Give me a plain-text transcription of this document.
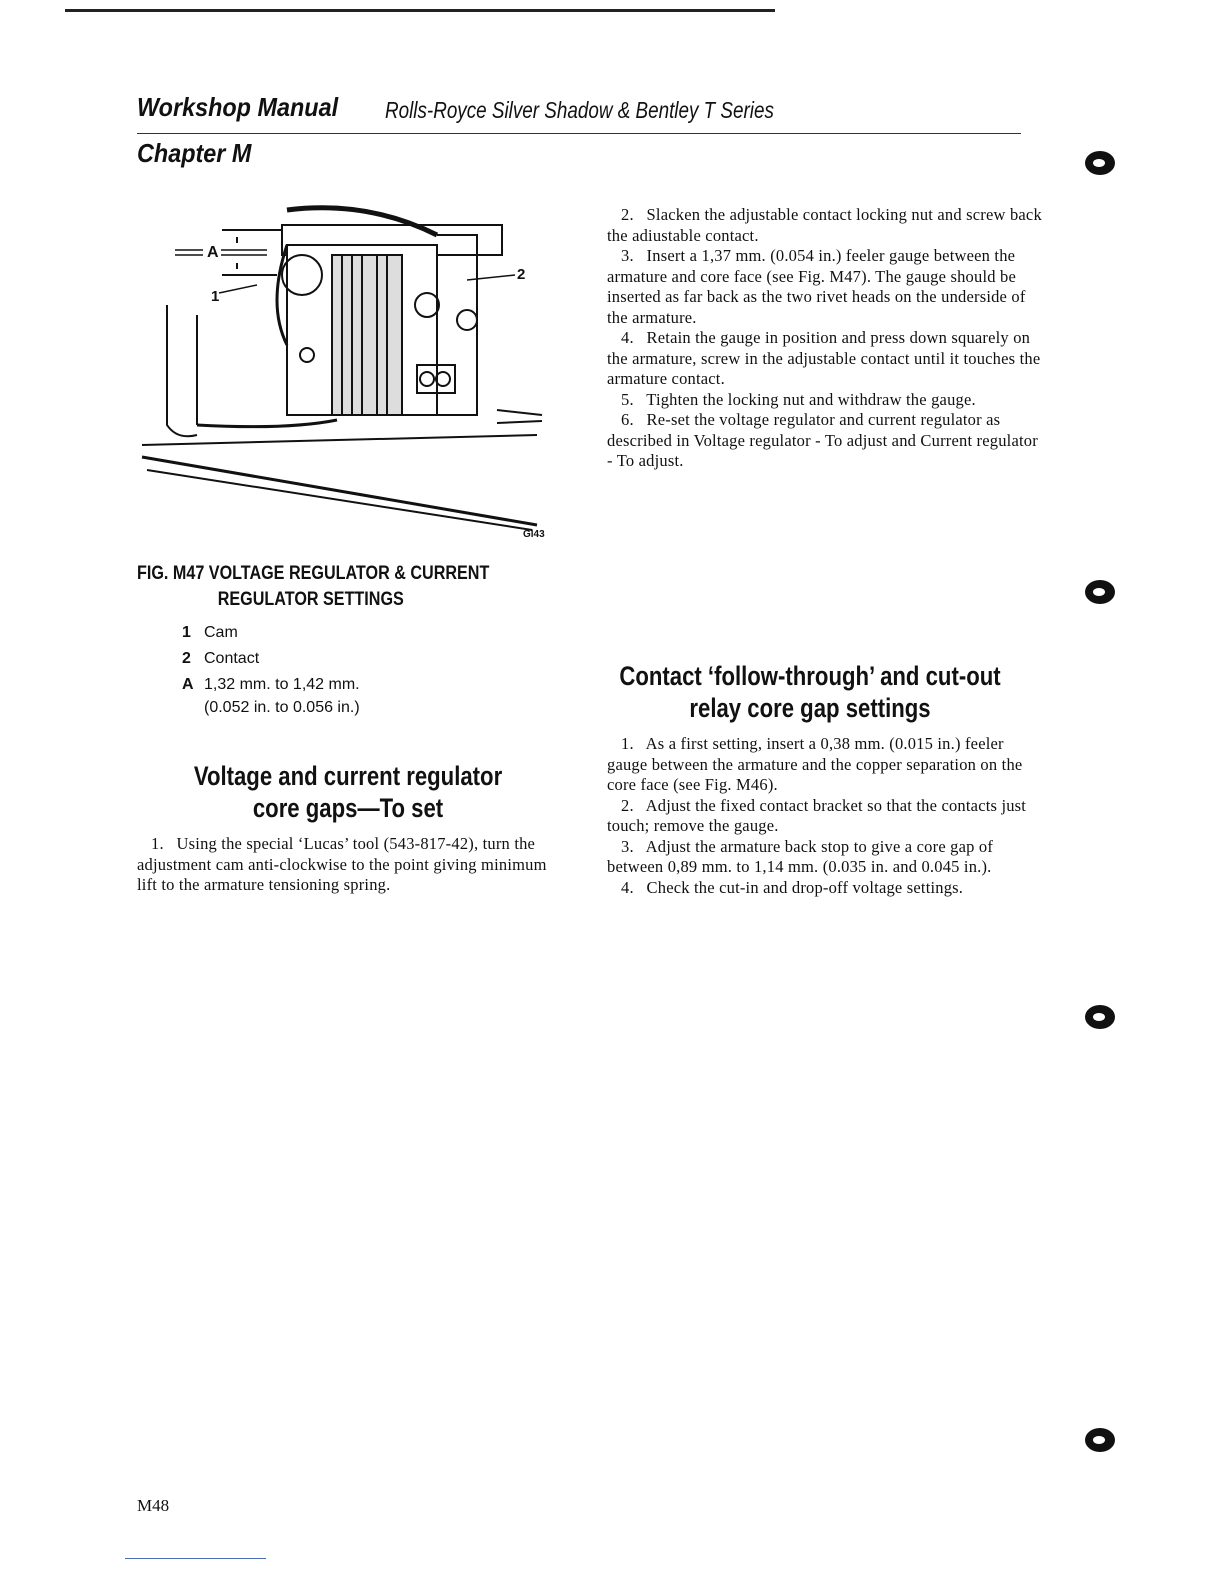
Workshop Manual Rolls-Royce Silver Shadow & Bentley T Series
Chapter M
A
1
2
Gl43
FIG. M47 VOLTAGE REGULATOR & CURRENT
REGULATOR SETTINGS
1 Cam
2 Contact
A 1,32 mm. to 1,42 mm.
(0.052 in. to 0.056 in.)
Voltage and current regulator
core gaps—To set

1.  Using the special ‘Lucas’ tool (543-817-42), turn the adjustment cam anti-clockwise to the point giving minimum lift to the armature tensioning spring.

2.  Slacken the adjustable contact locking nut and screw back the adiustable contact.

3.  Insert a 1,37 mm. (0.054 in.) feeler gauge between the armature and core face (see Fig. M47). The gauge should be inserted as far back as the two rivet heads on the underside of the armature.

4.  Retain the gauge in position and press down squarely on the armature, screw in the adjustable contact until it touches the armature contact.

5.  Tighten the locking nut and withdraw the gauge.

6.  Re-set the voltage regulator and current regulator as described in Voltage regulator - To adjust and Current regulator - To adjust.

Contact ‘follow-through’ and cut-out
relay core gap settings

1.  As a first setting, insert a 0,38 mm. (0.015 in.) feeler gauge between the armature and the copper separation on the core face (see Fig. M46).

2.  Adjust the fixed contact bracket so that the contacts just touch; remove the gauge.

3.  Adjust the armature back stop to give a core gap of between 0,89 mm. to 1,14 mm. (0.035 in. and 0.045 in.).

4.  Check the cut-in and drop-off voltage settings.

M48
